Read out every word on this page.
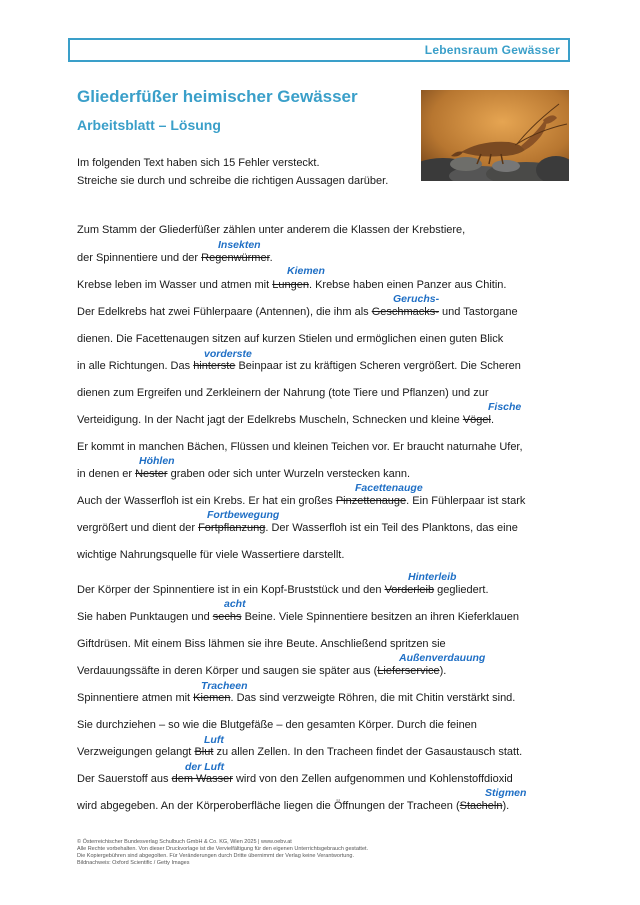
Lebensraum Gewässer
Gliederfüßer heimischer Gewässer
Arbeitsblatt – Lösung
Im folgenden Text haben sich 15 Fehler versteckt.
Streiche sie durch und schreibe die richtigen Aussagen darüber.
Zum Stamm der Gliederfüßer zählen unter anderem die Klassen der Krebstiere,
der Spinnentiere und der Regenwürmer.
Insekten
Krebse leben im Wasser und atmen mit Lungen. Krebse haben einen Panzer aus Chitin.
Kiemen
Der Edelkrebs hat zwei Fühlerpaare (Antennen), die ihm als Geschmacks- und Tastorgane
Geruchs-
dienen. Die Facettenaugen sitzen auf kurzen Stielen und ermöglichen einen guten Blick
in alle Richtungen. Das hinterste Beinpaar ist zu kräftigen Scheren vergrößert. Die Scheren
vorderste
dienen zum Ergreifen und Zerkleinern der Nahrung (tote Tiere und Pflanzen) und zur
Verteidigung. In der Nacht jagt der Edelkrebs Muscheln, Schnecken und kleine Vögel.
Fische
Er kommt in manchen Bächen, Flüssen und kleinen Teichen vor. Er braucht naturnahe Ufer,
in denen er Nester graben oder sich unter Wurzeln verstecken kann.
Höhlen
Auch der Wasserfloh ist ein Krebs. Er hat ein großes Pinzettenauge. Ein Fühlerpaar ist stark
Facettenauge
vergrößert und dient der Fortpflanzung. Der Wasserfloh ist ein Teil des Planktons, das eine
Fortbewegung
wichtige Nahrungsquelle für viele Wassertiere darstellt.
Der Körper der Spinnentiere ist in ein Kopf-Bruststück und den Vorderleib gegliedert.
Hinterleib
Sie haben Punktaugen und sechs Beine. Viele Spinnentiere besitzen an ihren Kieferklauen
acht
Giftdrüsen. Mit einem Biss lähmen sie ihre Beute. Anschließend spritzen sie
Verdauungssäfte in deren Körper und saugen sie später aus (Lieferservice).
Außenverdauung
Spinnentiere atmen mit Kiemen. Das sind verzweigte Röhren, die mit Chitin verstärkt sind.
Tracheen
Sie durchziehen – so wie die Blutgefäße – den gesamten Körper. Durch die feinen
Verzweigungen gelangt Blut zu allen Zellen. In den Tracheen findet der Gasaustausch statt.
Luft
Der Sauerstoff aus dem Wasser wird von den Zellen aufgenommen und Kohlenstoffdioxid
der Luft
wird abgegeben. An der Körperoberfläche liegen die Öffnungen der Tracheen (Stacheln).
Stigmen
© Österreichischer Bundesverlag Schulbuch GmbH & Co. KG, Wien 2025 | www.oebv.at
Alle Rechte vorbehalten. Von dieser Druckvorlage ist die Vervielfältigung für den eigenen Unterrichtsgebrauch gestattet.
Die Kopiergebühren sind abgegolten. Für Veränderungen durch Dritte übernimmt der Verlag keine Verantwortung.
Bildnachweis: Oxford Scientific / Getty Images
